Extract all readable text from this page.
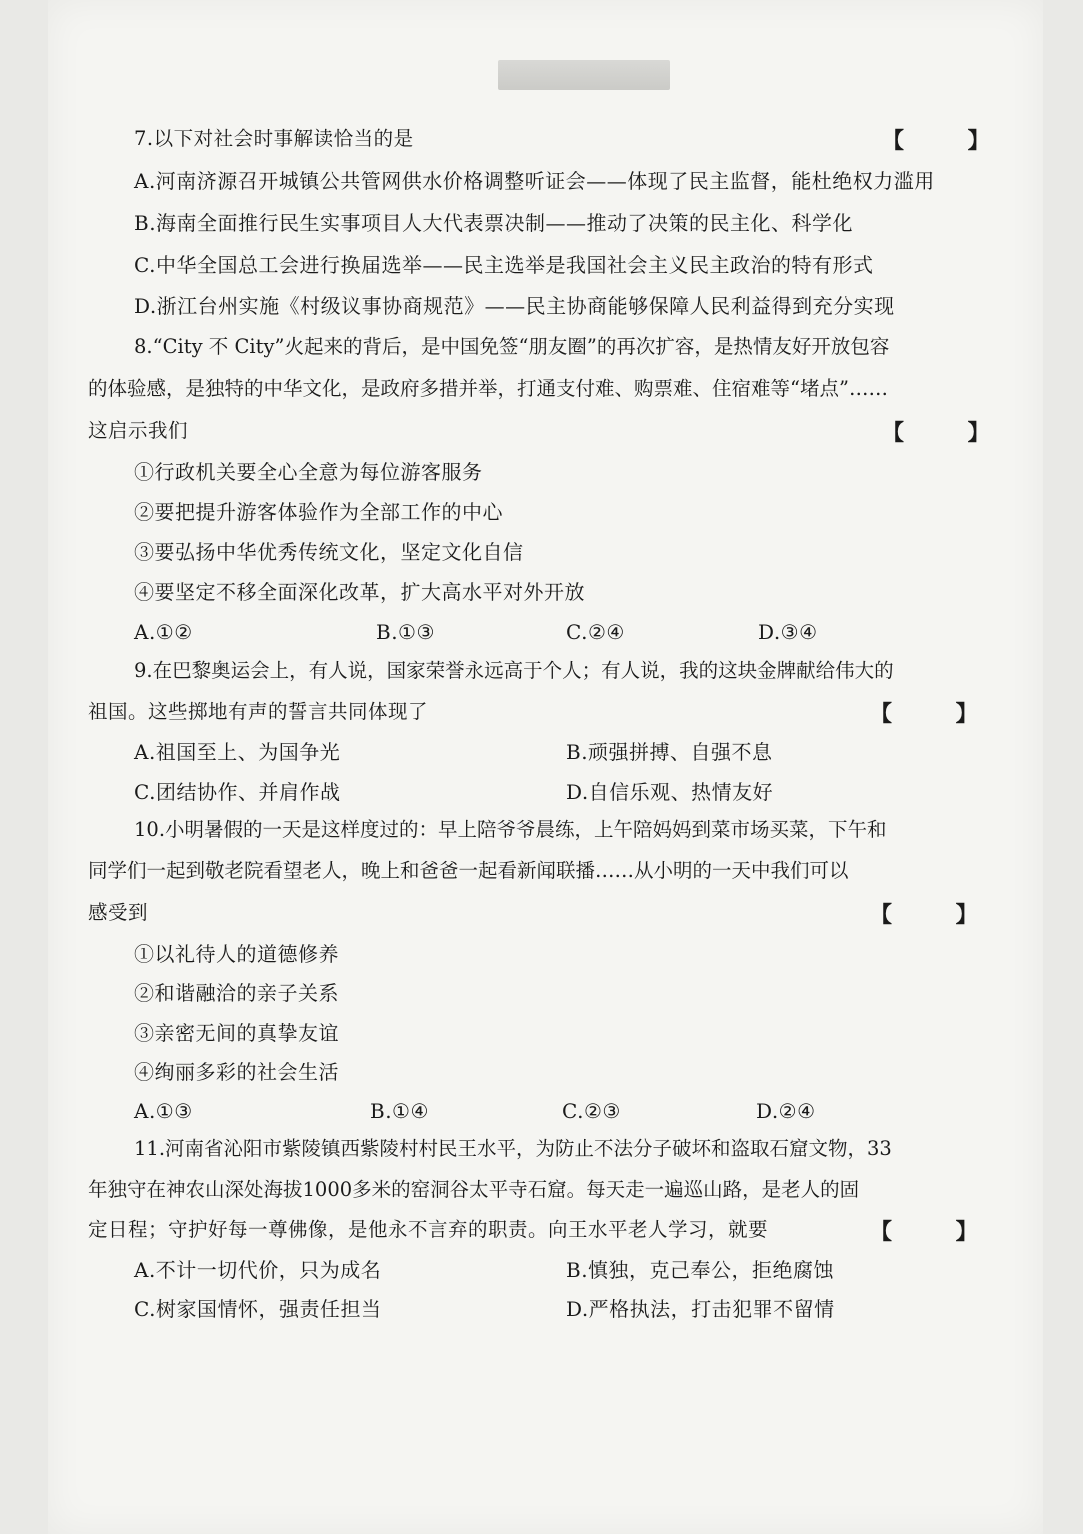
7.以下对社会时事解读恰当的是	【 】
A.河南济源召开城镇公共管网供水价格调整听证会——体现了民主监督，能杜绝权力滥用
B.海南全面推行民生实事项目人大代表票决制——推动了决策的民主化、科学化
C.中华全国总工会进行换届选举——民主选举是我国社会主义民主政治的特有形式
D.浙江台州实施《村级议事协商规范》——民主协商能够保障人民利益得到充分实现
8.“City 不 City”火起来的背后，是中国免签“朋友圈”的再次扩容，是热情友好开放包容
的体验感，是独特的中华文化，是政府多措并举，打通支付难、购票难、住宿难等“堵点”……
这启示我们	【 】
①行政机关要全心全意为每位游客服务
②要把提升游客体验作为全部工作的中心
③要弘扬中华优秀传统文化，坚定文化自信
④要坚定不移全面深化改革，扩大高水平对外开放
A.①②	B.①③	C.②④	D.③④
9.在巴黎奥运会上，有人说，国家荣誉永远高于个人；有人说，我的这块金牌献给伟大的
祖国。这些掷地有声的誓言共同体现了	【 】
A.祖国至上、为国争光	B.顽强拼搏、自强不息
C.团结协作、并肩作战	D.自信乐观、热情友好
10.小明暑假的一天是这样度过的：早上陪爷爷晨练，上午陪妈妈到菜市场买菜，下午和
同学们一起到敬老院看望老人，晚上和爸爸一起看新闻联播……从小明的一天中我们可以
感受到	【 】
①以礼待人的道德修养
②和谐融洽的亲子关系
③亲密无间的真挚友谊
④绚丽多彩的社会生活
A.①③	B.①④	C.②③	D.②④
11.河南省沁阳市紫陵镇西紫陵村村民王水平，为防止不法分子破坏和盗取石窟文物，33
年独守在神农山深处海拔1000多米的窑洞谷太平寺石窟。每天走一遍巡山路，是老人的固
定日程；守护好每一尊佛像，是他永不言弃的职责。向王水平老人学习，就要	【 】
A.不计一切代价，只为成名	B.慎独，克己奉公，拒绝腐蚀
C.树家国情怀，强责任担当	D.严格执法，打击犯罪不留情
